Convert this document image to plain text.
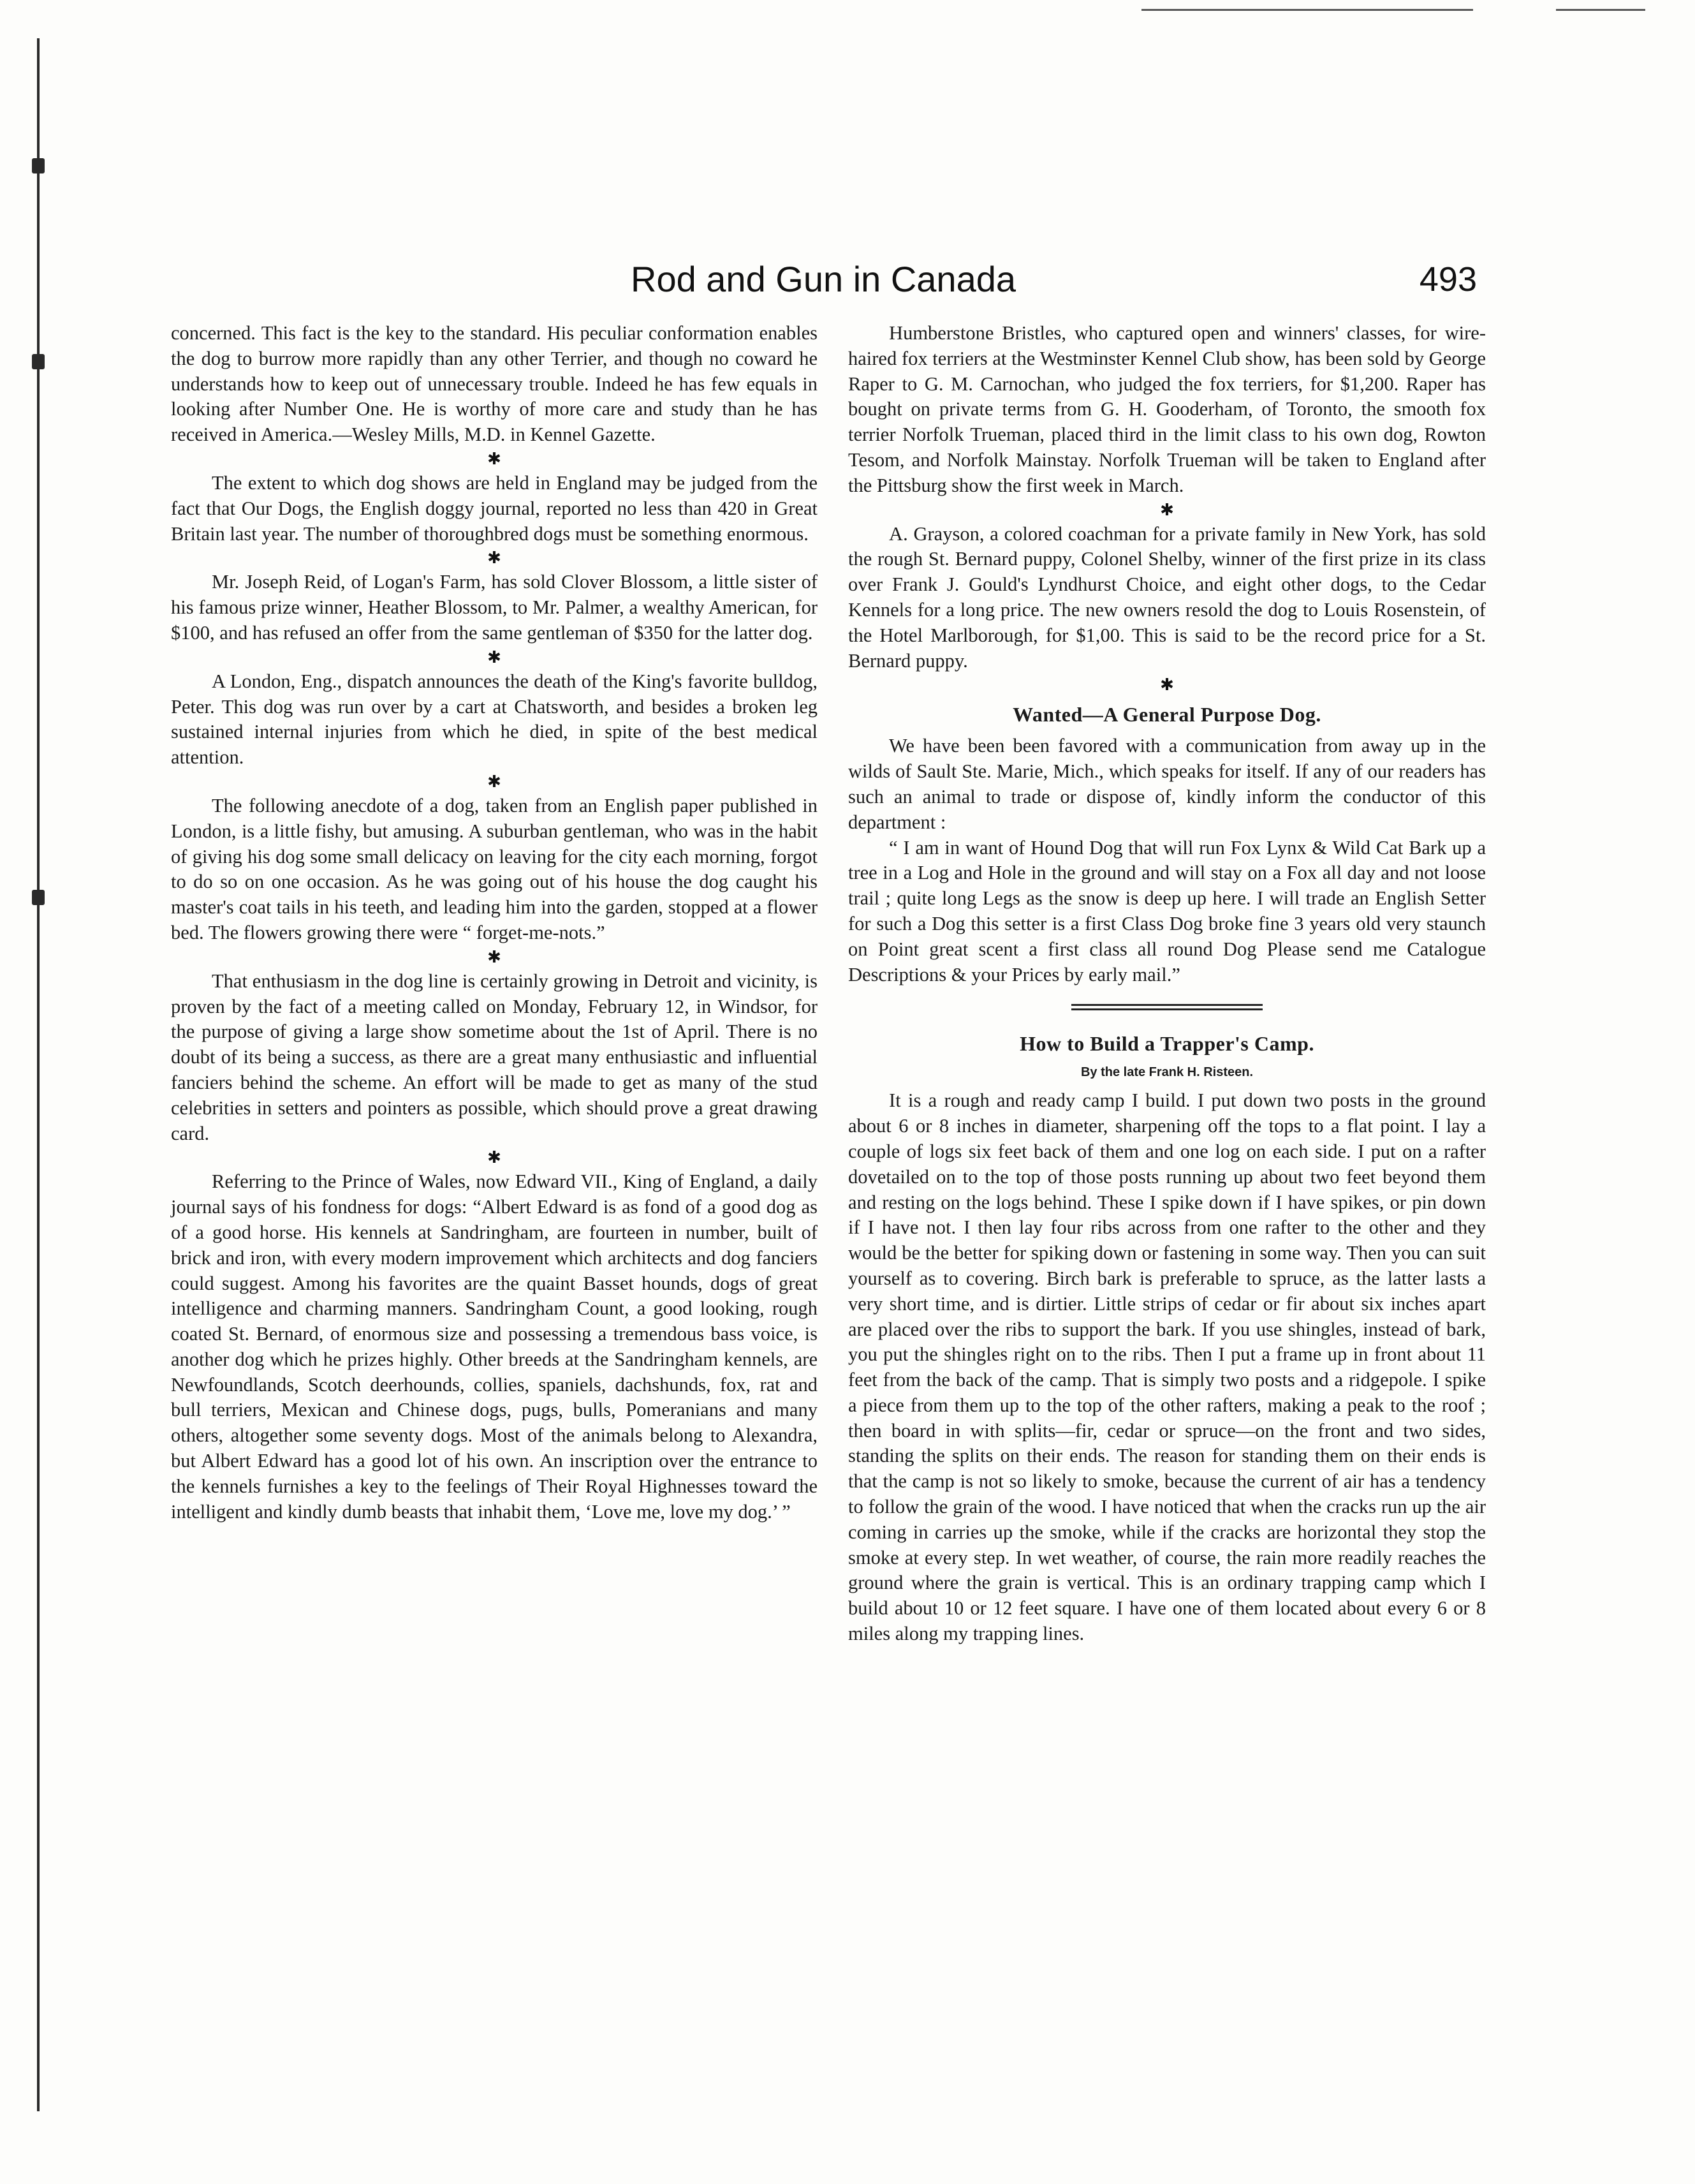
Rod and Gun in Canada	493

concerned. This fact is the key to the standard. His peculiar conformation enables the dog to burrow more rapidly than any other Terrier, and though no coward he understands how to keep out of unnecessary trouble. Indeed he has few equals in looking after Number One. He is worthy of more care and study than he has received in America.—Wesley Mills, M.D. in Kennel Gazette.

✱

The extent to which dog shows are held in England may be judged from the fact that Our Dogs, the English doggy journal, reported no less than 420 in Great Britain last year. The number of thoroughbred dogs must be something enormous.

✱

Mr. Joseph Reid, of Logan's Farm, has sold Clover Blossom, a little sister of his famous prize winner, Heather Blossom, to Mr. Palmer, a wealthy American, for $100, and has refused an offer from the same gentleman of $350 for the latter dog.

✱

A London, Eng., dispatch announces the death of the King's favorite bulldog, Peter. This dog was run over by a cart at Chatsworth, and besides a broken leg sustained internal injuries from which he died, in spite of the best medical attention.

✱

The following anecdote of a dog, taken from an English paper published in London, is a little fishy, but amusing. A suburban gentleman, who was in the habit of giving his dog some small delicacy on leaving for the city each morning, forgot to do so on one occasion. As he was going out of his house the dog caught his master's coat tails in his teeth, and leading him into the garden, stopped at a flower bed. The flowers growing there were “ forget-me-nots.”

✱

That enthusiasm in the dog line is certainly growing in Detroit and vicinity, is proven by the fact of a meeting called on Monday, February 12, in Windsor, for the purpose of giving a large show sometime about the 1st of April. There is no doubt of its being a success, as there are a great many enthusiastic and influential fanciers behind the scheme. An effort will be made to get as many of the stud celebrities in setters and pointers as possible, which should prove a great drawing card.

✱

Referring to the Prince of Wales, now Edward VII., King of England, a daily journal says of his fondness for dogs: “Albert Edward is as fond of a good dog as of a good horse. His kennels at Sandringham, are fourteen in number, built of brick and iron, with every modern improvement which architects and dog fanciers could suggest. Among his favorites are the quaint Basset hounds, dogs of great intelligence and charming manners. Sandringham Count, a good looking, rough coated St. Bernard, of enormous size and possessing a tremendous bass voice, is another dog which he prizes highly. Other breeds at the Sandringham kennels, are Newfoundlands, Scotch deerhounds, collies, spaniels, dachshunds, fox, rat and bull terriers, Mexican and Chinese dogs, pugs, bulls, Pomeranians and many others, altogether some seventy dogs. Most of the animals belong to Alexandra, but Albert Edward has a good lot of his own. An inscription over the entrance to the kennels furnishes a key to the feelings of Their Royal Highnesses toward the intelligent and kindly dumb beasts that inhabit them, ‘Love me, love my dog.’ ”

Humberstone Bristles, who captured open and winners' classes, for wire-haired fox terriers at the Westminster Kennel Club show, has been sold by George Raper to G. M. Carnochan, who judged the fox terriers, for $1,200. Raper has bought on private terms from G. H. Gooderham, of Toronto, the smooth fox terrier Norfolk Trueman, placed third in the limit class to his own dog, Rowton Tesom, and Norfolk Mainstay. Norfolk Trueman will be taken to England after the Pittsburg show the first week in March.

✱

A. Grayson, a colored coachman for a private family in New York, has sold the rough St. Bernard puppy, Colonel Shelby, winner of the first prize in its class over Frank J. Gould's Lyndhurst Choice, and eight other dogs, to the Cedar Kennels for a long price. The new owners resold the dog to Louis Rosenstein, of the Hotel Marlborough, for $1,00. This is said to be the record price for a St. Bernard puppy.

✱
Wanted—A General Purpose Dog.

We have been been favored with a communication from away up in the wilds of Sault Ste. Marie, Mich., which speaks for itself. If any of our readers has such an animal to trade or dispose of, kindly inform the conductor of this department :

“ I am in want of Hound Dog that will run Fox Lynx & Wild Cat Bark up a tree in a Log and Hole in the ground and will stay on a Fox all day and not loose trail ; quite long Legs as the snow is deep up here. I will trade an English Setter for such a Dog this setter is a first Class Dog broke fine 3 years old very staunch on Point great scent a first class all round Dog Please send me Catalogue Descriptions & your Prices by early mail.”

How to Build a Trapper's Camp.
By the late Frank H. Risteen.

It is a rough and ready camp I build. I put down two posts in the ground about 6 or 8 inches in diameter, sharpening off the tops to a flat point. I lay a couple of logs six feet back of them and one log on each side. I put on a rafter dovetailed on to the top of those posts running up about two feet beyond them and resting on the logs behind. These I spike down if I have spikes, or pin down if I have not. I then lay four ribs across from one rafter to the other and they would be the better for spiking down or fastening in some way. Then you can suit yourself as to covering. Birch bark is preferable to spruce, as the latter lasts a very short time, and is dirtier. Little strips of cedar or fir about six inches apart are placed over the ribs to support the bark. If you use shingles, instead of bark, you put the shingles right on to the ribs. Then I put a frame up in front about 11 feet from the back of the camp. That is simply two posts and a ridgepole. I spike a piece from them up to the top of the other rafters, making a peak to the roof ; then board in with splits—fir, cedar or spruce—on the front and two sides, standing the splits on their ends. The reason for standing them on their ends is that the camp is not so likely to smoke, because the current of air has a tendency to follow the grain of the wood. I have noticed that when the cracks run up the air coming in carries up the smoke, while if the cracks are horizontal they stop the smoke at every step. In wet weather, of course, the rain more readily reaches the ground where the grain is vertical. This is an ordinary trapping camp which I build about 10 or 12 feet square. I have one of them located about every 6 or 8 miles along my trapping lines.
